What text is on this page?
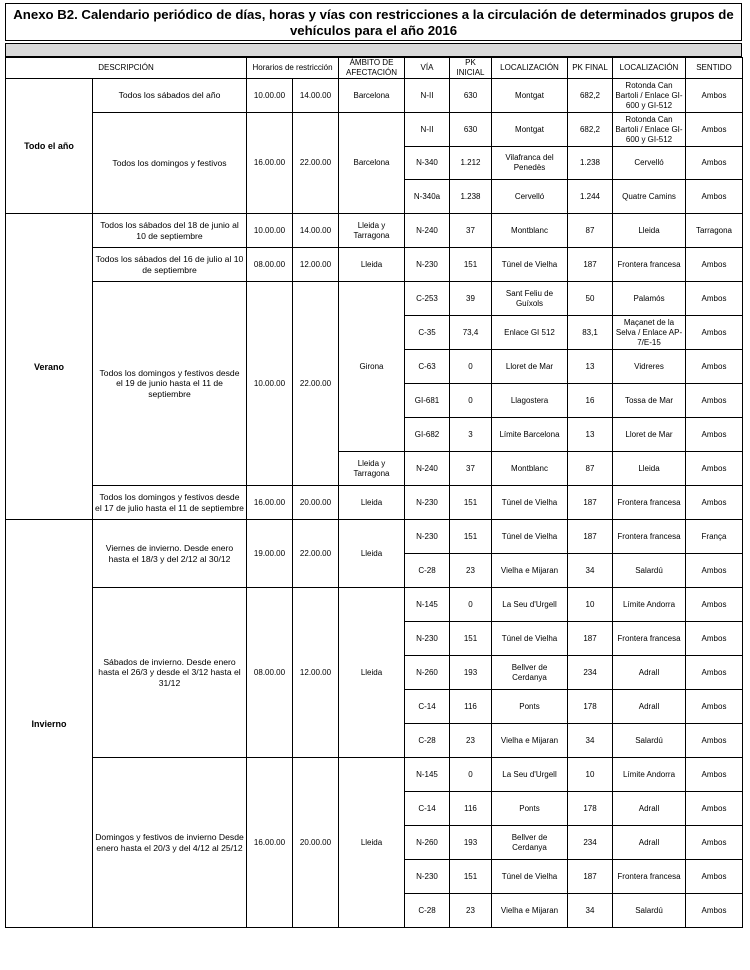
Anexo B2. Calendario periódico de días, horas y vías con restricciones a la circulación de determinados grupos de vehículos para el año 2016
DESCRIPCIÓN		Horarios de restricción		ÁMBITO DE AFECTACIÓN	VÍA	PK INICIAL	LOCALIZACIÓN	PK FINAL	LOCALIZACIÓN	SENTIDO
Todo el año	Todos los sábados del año	10.00.00	14.00.00	Barcelona	N-II	630	Montgat	682,2	Rotonda Can Bartoli / Enlace GI-600 y GI-512	Ambos
	Todos los domingos y festivos	16.00.00	22.00.00	Barcelona	N-II	630	Montgat	682,2	Rotonda Can Bartoli / Enlace GI-600 y GI-512	Ambos
					N-340	1.212	Vilafranca del Penedès	1.238	Cervelló	Ambos
					N-340a	1.238	Cervelló	1.244	Quatre Camins	Ambos
Verano	Todos los sábados del 18 de junio al 10 de septiembre	10.00.00	14.00.00	Lleida y Tarragona	N-240	37	Montblanc	87	Lleida	Tarragona
	Todos los sábados del 16 de julio al 10 de septiembre	08.00.00	12.00.00	Lleida	N-230	151	Túnel de Vielha	187	Frontera francesa	Ambos
	Todos los domingos y festivos desde el 19 de junio hasta el 11 de septiembre	10.00.00	22.00.00	Girona	C-253	39	Sant Feliu de Guíxols	50	Palamós	Ambos
					C-35	73,4	Enlace GI 512	83,1	Maçanet de la Selva / Enlace AP-7/E-15	Ambos
					C-63	0	Lloret de Mar	13	Vidreres	Ambos
					GI-681	0	Llagostera	16	Tossa de Mar	Ambos
					GI-682	3	Límite Barcelona	13	Lloret de Mar	Ambos
				Lleida y Tarragona	N-240	37	Montblanc	87	Lleida	Ambos
	Todos los domingos y festivos desde el 17 de julio hasta el 11 de septiembre	16.00.00	20.00.00	Lleida	N-230	151	Túnel de Vielha	187	Frontera francesa	Ambos
Invierno	Viernes de invierno. Desde enero hasta el 18/3 y del 2/12 al 30/12	19.00.00	22.00.00	Lleida	N-230	151	Túnel de Vielha	187	Frontera francesa	França
					C-28	23	Vielha e Mijaran	34	Salardú	Ambos
	Sábados de invierno. Desde enero hasta el 26/3 y desde el 3/12 hasta el 31/12	08.00.00	12.00.00	Lleida	N-145	0	La Seu d'Urgell	10	Límite Andorra	Ambos
					N-230	151	Túnel de Vielha	187	Frontera francesa	Ambos
					N-260	193	Bellver de Cerdanya	234	Adrall	Ambos
					C-14	116	Ponts	178	Adrall	Ambos
					C-28	23	Vielha e Mijaran	34	Salardú	Ambos
	Domingos y festivos de invierno Desde enero hasta el 20/3 y del 4/12 al 25/12	16.00.00	20.00.00	Lleida	N-145	0	La Seu d'Urgell	10	Límite Andorra	Ambos
					C-14	116	Ponts	178	Adrall	Ambos
					N-260	193	Bellver de Cerdanya	234	Adrall	Ambos
					N-230	151	Túnel de Vielha	187	Frontera francesa	Ambos
					C-28	23	Vielha e Mijaran	34	Salardú	Ambos
